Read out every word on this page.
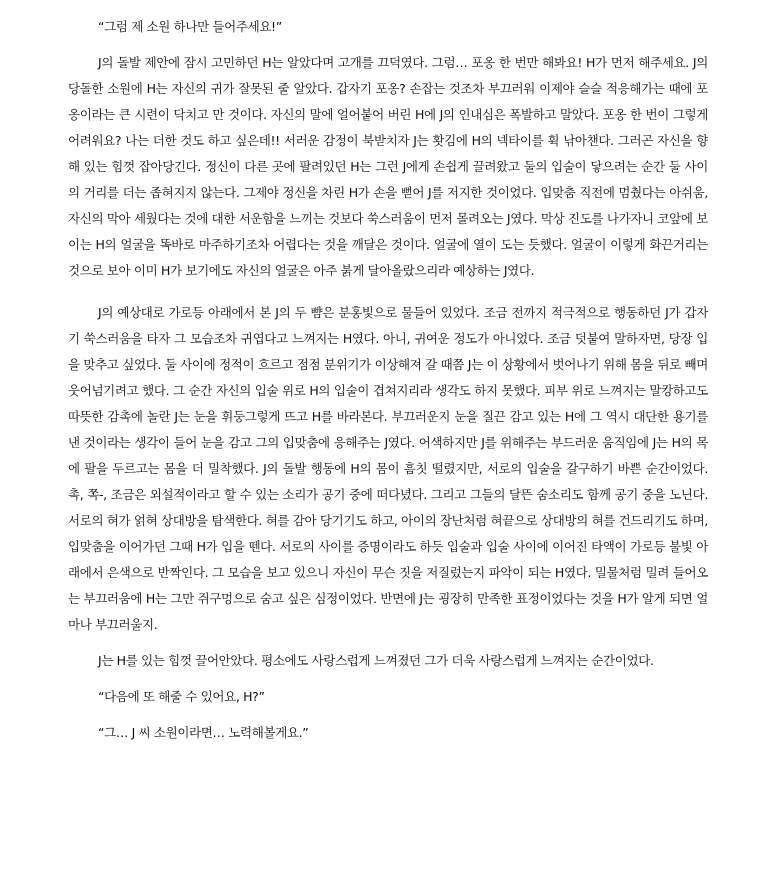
“그럼 제 소원 하나만 들어주세요!”

J의 돌발 제안에 잠시 고민하던 H는 알았다며 고개를 끄덕였다. 그럼… 포옹 한 번만 해봐요! H가 먼저 해주세요. J의 당돌한 소원에 H는 자신의 귀가 잘못된 줄 알았다. 갑자기 포옹? 손잡는 것조차 부끄러워 이제야 슬슬 적응해가는 때에 포옹이라는 큰 시련이 닥치고 만 것이다. 자신의 말에 얼어붙어 버린 H에 J의 인내심은 폭발하고 말았다. 포옹 한 번이 그렇게 어려워요? 나는 더한 것도 하고 싶은데!! 서러운 감정이 북받치자 J는 홧김에 H의 넥타이를 휙 낚아챈다. 그러곤 자신을 향해 있는 힘껏 잡아당긴다. 정신이 다른 곳에 팔려있던 H는 그런 J에게 손쉽게 끌려왔고 둘의 입술이 닿으려는 순간 둘 사이의 거리를 더는 좁혀지지 않는다. 그제야 정신을 차린 H가 손을 뻗어 J를 저지한 것이었다. 입맞춤 직전에 멈췄다는 아쉬움, 자신의 막아 세웠다는 것에 대한 서운함을 느끼는 것보다 쑥스러움이 먼저 몰려오는 J였다. 막상 진도를 나가자니 코앞에 보이는 H의 얼굴을 똑바로 마주하기조차 어렵다는 것을 깨달은 것이다. 얼굴에 열이 도는 듯했다. 얼굴이 이렇게 화끈거리는 것으로 보아 이미 H가 보기에도 자신의 얼굴은 아주 붉게 달아올랐으리라 예상하는 J였다.

J의 예상대로 가로등 아래에서 본 J의 두 뺨은 분홍빛으로 물들어 있었다. 조금 전까지 적극적으로 행동하던 J가 갑자기 쑥스러움을 타자 그 모습조차 귀엽다고 느껴지는 H였다. 아니, 귀여운 정도가 아니었다. 조금 덧붙여 말하자면, 당장 입을 맞추고 싶었다. 둘 사이에 정적이 흐르고 점점 분위기가 이상해져 갈 때쯤 J는 이 상황에서 벗어나기 위해 몸을 뒤로 빼며 웃어넘기려고 했다. 그 순간 자신의 입술 위로 H의 입술이 겹쳐지리라 생각도 하지 못했다. 피부 위로 느껴지는 말캉하고도 따뜻한 감촉에 놀란 J는 눈을 휘둥그렇게 뜨고 H를 바라본다. 부끄러운지 눈을 질끈 감고 있는 H에 그 역시 대단한 용기를 낸 것이라는 생각이 들어 눈을 감고 그의 입맞춤에 응해주는 J였다. 어색하지만 J를 위해주는 부드러운 움직임에 J는 H의 목에 팔을 두르고는 몸을 더 밀착했다. J의 돌발 행동에 H의 몸이 흠칫 떨렸지만, 서로의 입술을 갈구하기 바쁜 순간이었다. 촉, 쪽-, 조금은 외설적이라고 할 수 있는 소리가 공기 중에 떠다녔다. 그리고 그들의 달뜬 숨소리도 함께 공기 중을 노닌다. 서로의 혀가 얽혀 상대방을 탐색한다. 혀를 감아 당기기도 하고, 아이의 장난처럼 혀끝으로 상대방의 혀를 건드리기도 하며, 입맞춤을 이어가던 그때 H가 입을 뗀다. 서로의 사이를 증명이라도 하듯 입술과 입술 사이에 이어진 타액이 가로등 불빛 아래에서 은색으로 반짝인다. 그 모습을 보고 있으니 자신이 무슨 짓을 저질렀는지 파악이 되는 H였다. 밀물처럼 밀려 들어오는 부끄러움에 H는 그만 쥐구멍으로 숨고 싶은 심정이었다. 반면에 J는 굉장히 만족한 표정이었다는 것을 H가 알게 되면 얼마나 부끄러울지.

J는 H를 있는 힘껏 끌어안았다. 평소에도 사랑스럽게 느껴졌던 그가 더욱 사랑스럽게 느껴지는 순간이었다.

“다음에 또 해줄 수 있어요, H?”

“그… J 씨 소원이라면… 노력해볼게요.”
